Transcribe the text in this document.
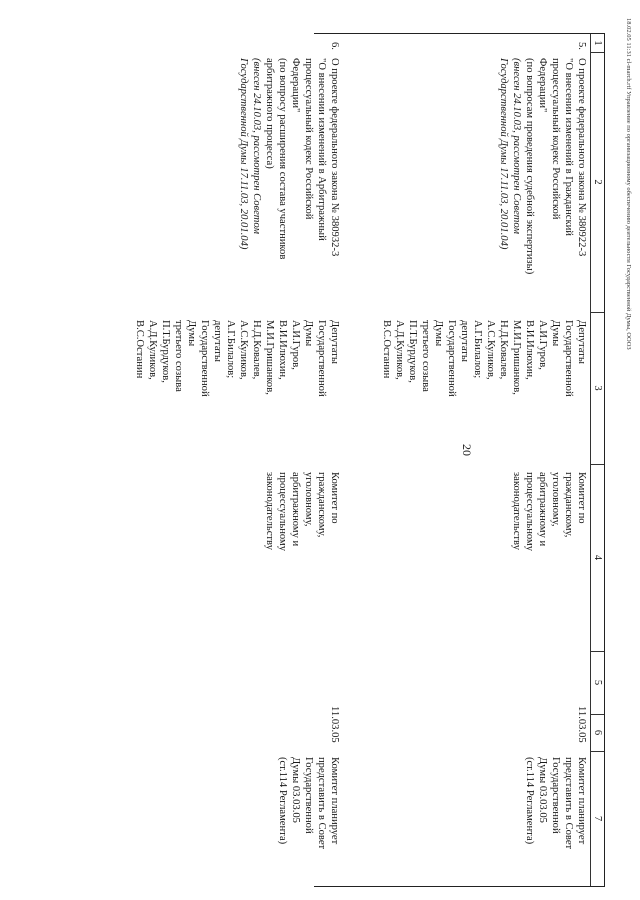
18.02.05 11:31 cl-march.rtf Управление по организационному обеспечению деятельности Государственной Думы, ООО3
20
1
2
3
4
5
6
7
5.
О проекте федерального закона № 380922-3
"О внесении изменений в Гражданский
процессуальный кодекс Российской
Федерации"
(по вопросам проведения судебной экспертизы)
(внесен 24.10.03, рассмотрен Советом
Государственной Думы 17.11.03, 20.01.04)
Депутаты
Государственной
Думы
А.И.Гуров,
В.И.Илюхин,
М.И.Гришанков,
Н.Д.Ковалев,
А.С.Куликов,
А.Г.Билалов;
депутаты
Государственной
Думы
третьего созыва
П.Т.Бурдуков,
А.Д.Куликов,
В.С.Останин
Комитет по
гражданскому,
уголовному,
арбитражному и
процессуальному
законодательству
11.03.05
Комитет планирует
представить в Совет
Государственной
Думы 03.03.05
(ст.114 Регламента)
6.
О проекте федерального закона № 380932-3
"О внесении изменений в Арбитражный
процессуальный кодекс Российской
Федерации"
(по вопросу расширения состава участников
арбитражного процесса)
(внесен 24.10.03, рассмотрен Советом
Государственной Думы 17.11.03, 20.01.04)
Депутаты
Государственной
Думы
А.И.Гуров,
В.И.Илюхин,
М.И.Гришанков,
Н.Д.Ковалев,
А.С.Куликов,
А.Г.Билалов;
депутаты
Государственной
Думы
третьего созыва
П.Т.Бурдуков,
А.Д.Куликов,
В.С.Останин
Комитет по
гражданскому,
уголовному,
арбитражному и
процессуальному
законодательству
11.03.05
Комитет планирует
представить в Совет
Государственной
Думы 03.03.05
(ст.114 Регламента)
